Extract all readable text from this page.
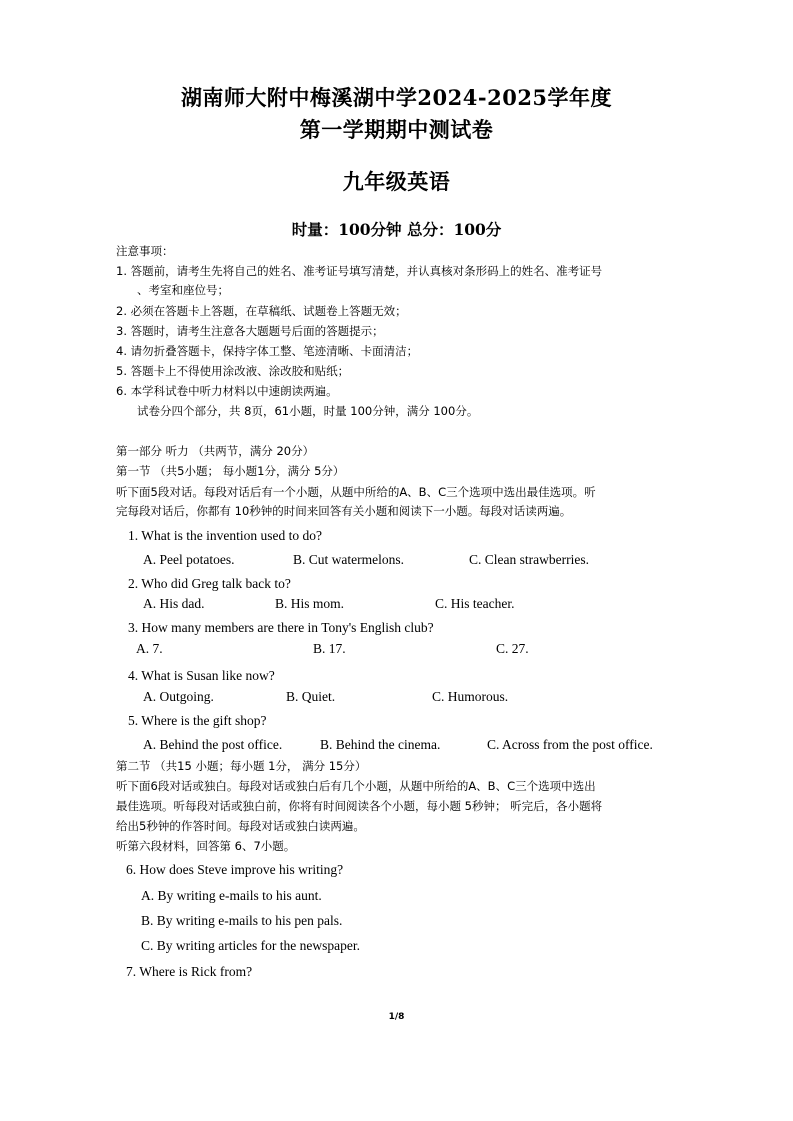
湖南师大附中梅溪湖中学2024-2025学年度
第一学期期中测试卷
九年级英语
时量：100分钟 总分：100分
注意事项：
1. 答题前，请考生先将自己的姓名、准考证号填写清楚，并认真核对条形码上的姓名、准考证号
、考室和座位号；
2. 必须在答题卡上答题，在草稿纸、试题卷上答题无效；
3. 答题时，请考生注意各大题题号后面的答题提示；
4. 请勿折叠答题卡，保持字体工整、笔迹清晰、卡面清洁；
5. 答题卡上不得使用涂改液、涂改胶和贴纸；
6. 本学科试卷中听力材料以中速朗读两遍。
试卷分四个部分，共 8页，61小题，时量 100分钟，满分 100分。
第一部分 听力 （共两节，满分 20分）
第一节 （共5小题； 每小题1分，满分 5分）
听下面5段对话。每段对话后有一个小题，从题中所给的A、B、C三个选项中选出最佳选项。听
完每段对话后，你都有 10秒钟的时间来回答有关小题和阅读下一小题。每段对话读两遍。
1. What is the invention used to do?
A. Peel potatoes.	B. Cut watermelons.	C. Clean strawberries.
2. Who did Greg talk back to?
A. His dad.	B. His mom.	C. His teacher.
3. How many members are there in Tony's English club?
A. 7.	B. 17.	C. 27.
4. What is Susan like now?
A. Outgoing.	B. Quiet.	C. Humorous.
5. Where is the gift shop?
A. Behind the post office.	B. Behind the cinema.	C. Across from the post office.
第二节 （共15 小题；每小题 1分， 满分 15分）
听下面6段对话或独白。每段对话或独白后有几个小题，从题中所给的A、B、C三个选项中选出
最佳选项。听每段对话或独白前，你将有时间阅读各个小题，每小题 5秒钟； 听完后，各小题将
给出5秒钟的作答时间。每段对话或独白读两遍。
听第六段材料，回答第 6、7小题。
6. How does Steve improve his writing?
A. By writing e-mails to his aunt.
B. By writing e-mails to his pen pals.
C. By writing articles for the newspaper.
7. Where is Rick from?
1/8
